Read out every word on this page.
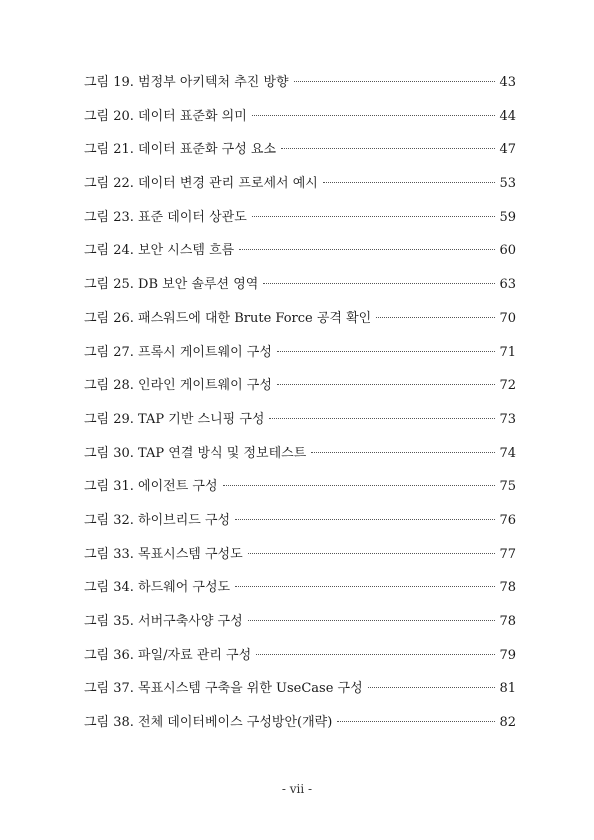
그림 19. 범정부 아키텍처 추진 방향	43
그림 20. 데이터 표준화 의미	44
그림 21. 데이터 표준화 구성 요소	47
그림 22. 데이터 변경 관리 프로세서 예시	53
그림 23. 표준 데이터 상관도	59
그림 24. 보안 시스템 흐름	60
그림 25. DB 보안 솔루션 영역	63
그림 26. 패스워드에 대한 Brute Force 공격 확인	70
그림 27. 프록시 게이트웨이 구성	71
그림 28. 인라인 게이트웨이 구성	72
그림 29. TAP 기반 스니핑 구성	73
그림 30. TAP 연결 방식 및 정보테스트	74
그림 31. 에이전트 구성	75
그림 32. 하이브리드 구성	76
그림 33. 목표시스템 구성도	77
그림 34. 하드웨어 구성도	78
그림 35. 서버구축사양 구성	78
그림 36. 파일/자료 관리 구성	79
그림 37. 목표시스템 구축을 위한 UseCase 구성	81
그림 38. 전체 데이터베이스 구성방안(개략)	82
- vii -
